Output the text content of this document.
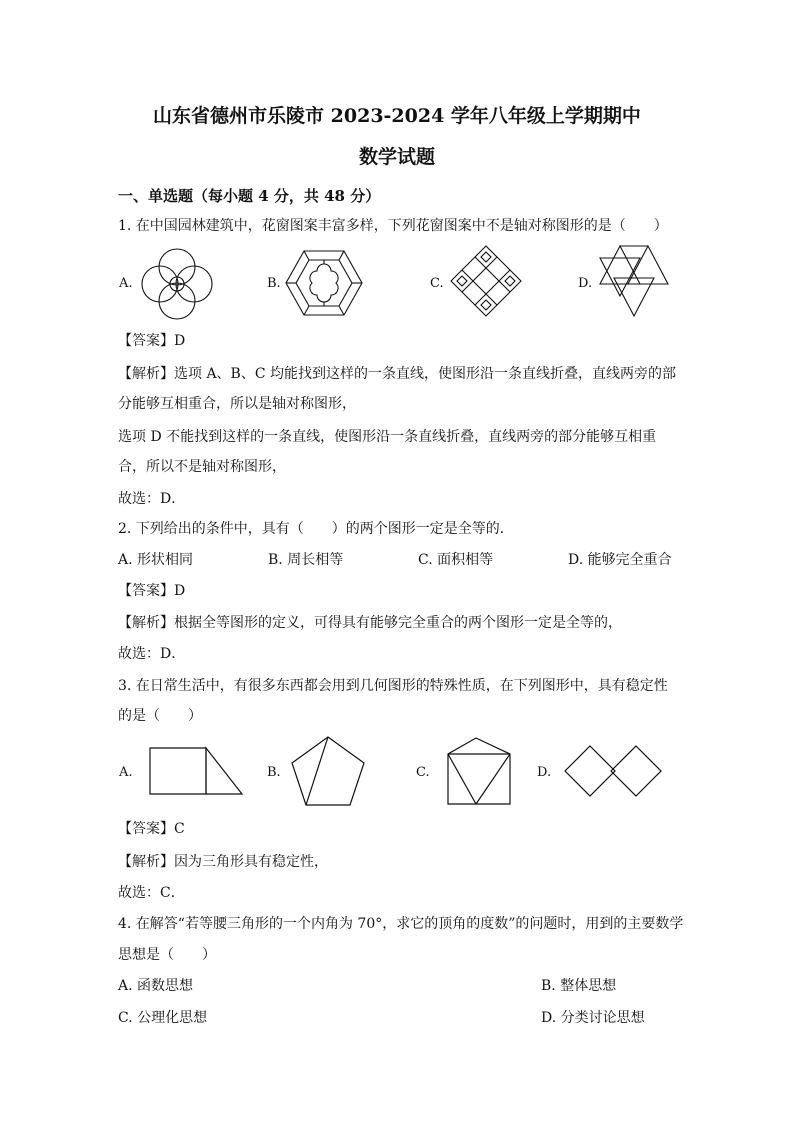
山东省德州市乐陵市 2023-2024 学年八年级上学期期中
数学试题
一、单选题（每小题 4 分，共 48 分）
1. 在中国园林建筑中，花窗图案丰富多样，下列花窗图案中不是轴对称图形的是（　　）
A.	B.	C.	D.
【答案】D
【解析】选项 A、B、C 均能找到这样的一条直线，使图形沿一条直线折叠，直线两旁的部
分能够互相重合，所以是轴对称图形，
选项 D 不能找到这样的一条直线，使图形沿一条直线折叠，直线两旁的部分能够互相重
合，所以不是轴对称图形，
故选：D．
2. 下列给出的条件中，具有（　　）的两个图形一定是全等的．
A. 形状相同	B. 周长相等	C. 面积相等	D. 能够完全重合
【答案】D
【解析】根据全等图形的定义，可得具有能够完全重合的两个图形一定是全等的，
故选：D．
3. 在日常生活中，有很多东西都会用到几何图形的特殊性质，在下列图形中，具有稳定性
的是（　　）
A.	B.	C.	D.
【答案】C
【解析】因为三角形具有稳定性，
故选：C．
4. 在解答“若等腰三角形的一个内角为 70°，求它的顶角的度数”的问题时，用到的主要数学
思想是（　　）
A. 函数思想	B. 整体思想
C. 公理化思想	D. 分类讨论思想
